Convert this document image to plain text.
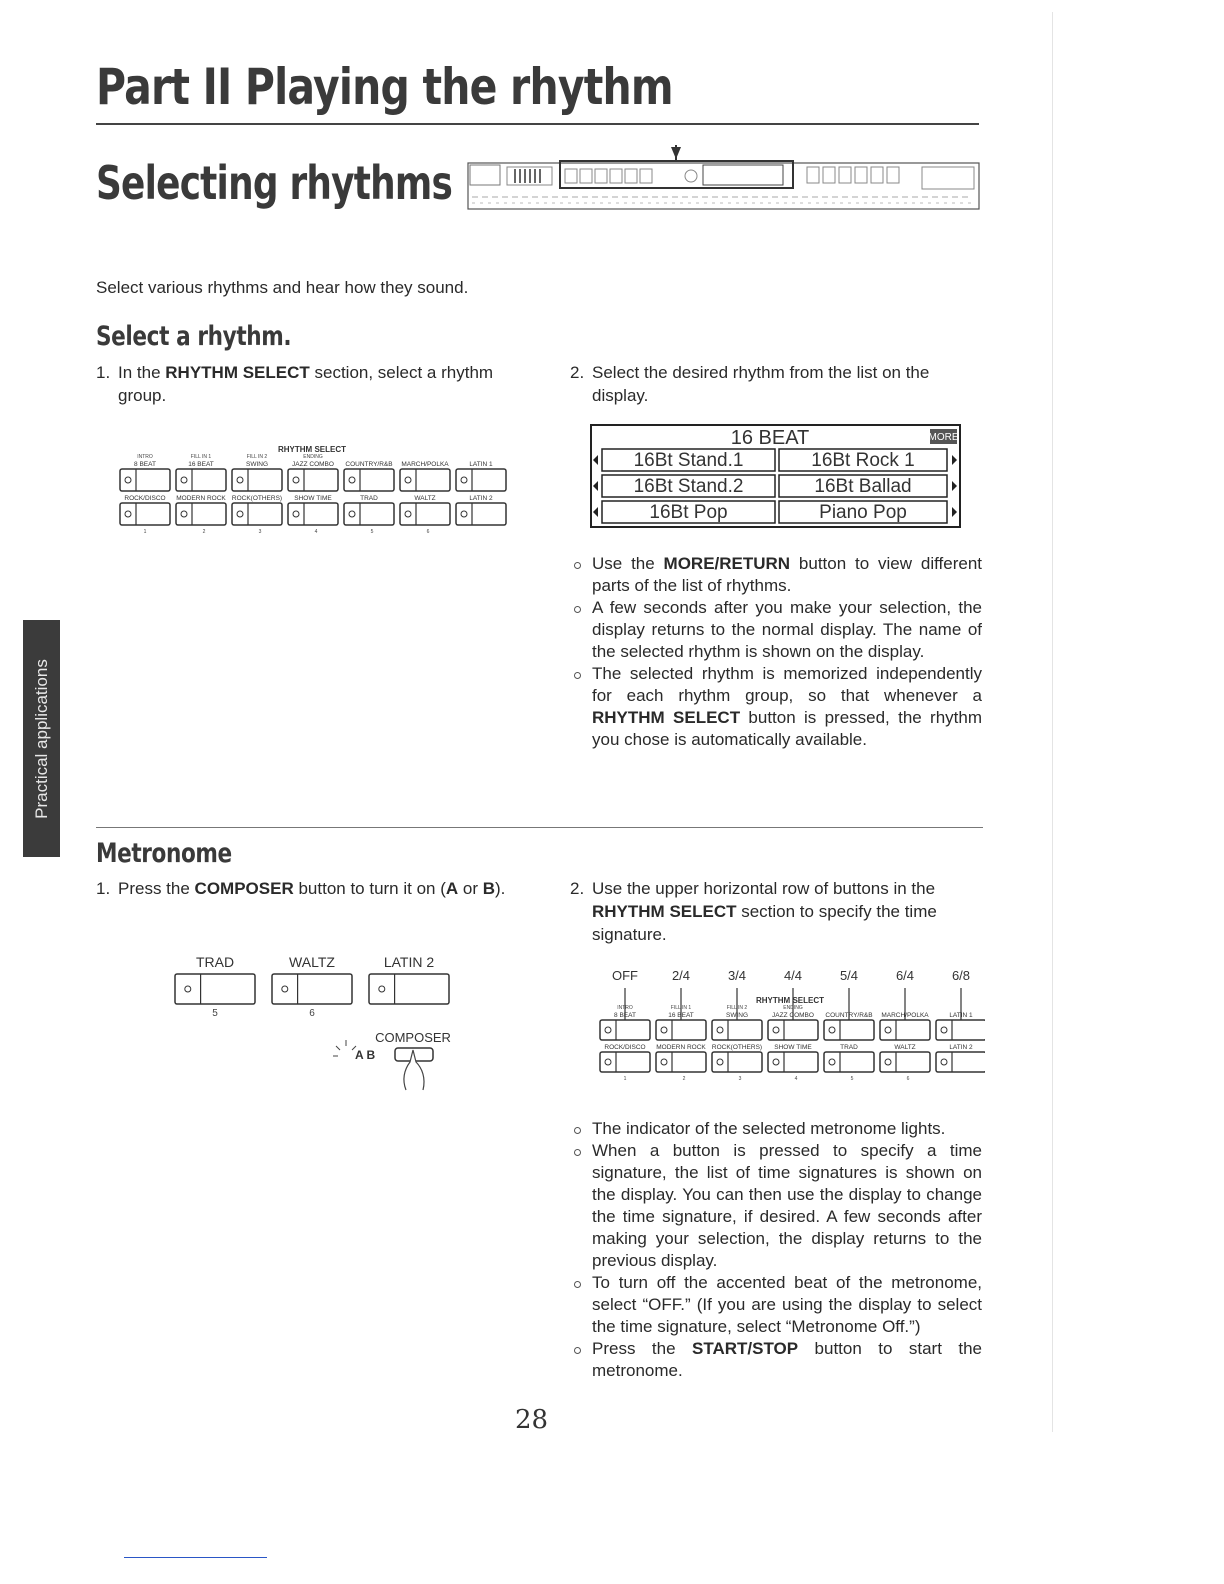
Part II Playing the rhythm
Selecting rhythms
Select various rhythms and hear how they sound.
Select a rhythm.
1. In the RHYTHM SELECT section, select a rhythm group.
2. Select the desired rhythm from the list on the display.
RHYTHM SELECT
INTRO	FILL IN 1	FILL IN 2	ENDING
8 BEAT	16 BEAT	SWING	JAZZ COMBO COUNTRY/R&B MARCH/POLKA	LATIN 1
ROCK/DISCO MODERN ROCK ROCK(OTHERS) SHOW TIME	TRAD	WALTZ	LATIN 2
1	2	3	4	5	6
16 BEAT	MORE
16Bt Stand.1	16Bt Rock 1
16Bt Stand.2	16Bt Ballad
16Bt Pop	Piano Pop
Use the MORE/RETURN button to view different parts of the list of rhythms.
A few seconds after you make your selection, the display returns to the normal display. The name of the selected rhythm is shown on the display.
The selected rhythm is memorized independently for each rhythm group, so that whenever a RHYTHM SELECT button is pressed, the rhythm you chose is automatically available.
Practical applications
Metronome
1. Press the COMPOSER button to turn it on (A or B).	2. Use the upper horizontal row of buttons in the RHYTHM SELECT section to specify the time signature.
TRAD	WALTZ	LATIN 2
5	6
COMPOSER
A B
OFF	2/4	3/4	4/4	5/4	6/4	6/8
RHYTHM SELECT
INTRO	FILL IN 1	FILL IN 2	ENDING
8 BEAT	16 BEAT	SWING	JAZZ COMBO COUNTRY/R&B MARCH/POLKA	LATIN 1
ROCK/DISCO MODERN ROCK ROCK(OTHERS) SHOW TIME	TRAD	WALTZ	LATIN 2
1	2	3	4	5	6
The indicator of the selected metronome lights.
When a button is pressed to specify a time signature, the list of time signatures is shown on the display. You can then use the display to change the time signature, if desired. A few seconds after making your selection, the display returns to the previous display.
To turn off the accented beat of the metronome, select “OFF.” (If you are using the display to select the time signature, select “Metronome Off.”)
Press the START/STOP button to start the metronome.
28
